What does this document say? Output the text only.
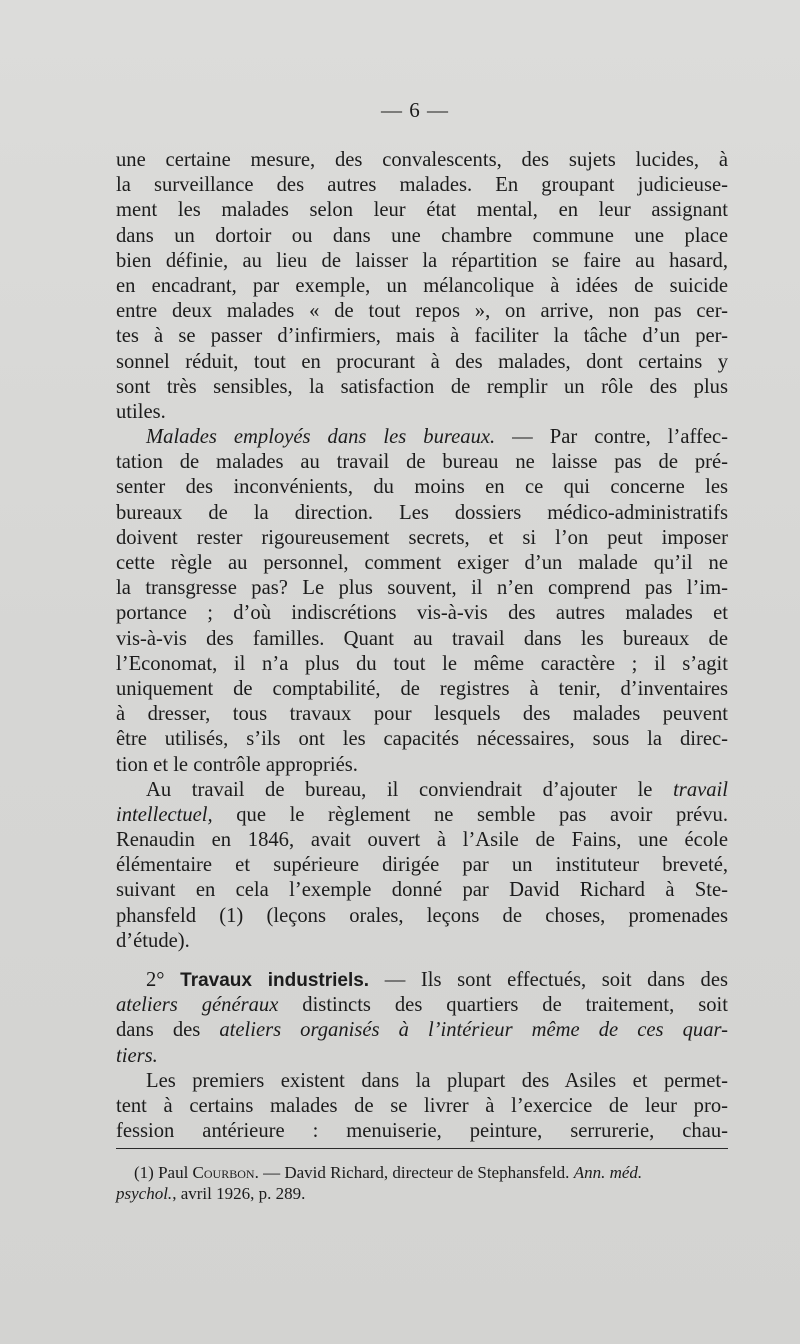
— 6 —
une certaine mesure, des convalescents, des sujets lucides, à
la surveillance des autres malades. En groupant judicieuse-
ment les malades selon leur état mental, en leur assignant
dans un dortoir ou dans une chambre commune une place
bien définie, au lieu de laisser la répartition se faire au hasard,
en encadrant, par exemple, un mélancolique à idées de suicide
entre deux malades « de tout repos », on arrive, non pas cer-
tes à se passer d’infirmiers, mais à faciliter la tâche d’un per-
sonnel réduit, tout en procurant à des malades, dont certains y
sont très sensibles, la satisfaction de remplir un rôle des plus
utiles.
Malades employés dans les bureaux. — Par contre, l’affec-
tation de malades au travail de bureau ne laisse pas de pré-
senter des inconvénients, du moins en ce qui concerne les
bureaux de la direction. Les dossiers médico-administratifs
doivent rester rigoureusement secrets, et si l’on peut imposer
cette règle au personnel, comment exiger d’un malade qu’il ne
la transgresse pas? Le plus souvent, il n’en comprend pas l’im-
portance ; d’où indiscrétions vis-à-vis des autres malades et
vis-à-vis des familles. Quant au travail dans les bureaux de
l’Economat, il n’a plus du tout le même caractère ; il s’agit
uniquement de comptabilité, de registres à tenir, d’inventaires
à dresser, tous travaux pour lesquels des malades peuvent
être utilisés, s’ils ont les capacités nécessaires, sous la direc-
tion et le contrôle appropriés.
Au travail de bureau, il conviendrait d’ajouter le travail
intellectuel, que le règlement ne semble pas avoir prévu.
Renaudin en 1846, avait ouvert à l’Asile de Fains, une école
élémentaire et supérieure dirigée par un instituteur breveté,
suivant en cela l’exemple donné par David Richard à Ste-
phansfeld (1) (leçons orales, leçons de choses, promenades
d’étude).
2° Travaux industriels. — Ils sont effectués, soit dans des
ateliers généraux distincts des quartiers de traitement, soit
dans des ateliers organisés à l’intérieur même de ces quar-
tiers.
Les premiers existent dans la plupart des Asiles et permet-
tent à certains malades de se livrer à l’exercice de leur pro-
fession antérieure : menuiserie, peinture, serrurerie, chau-
(1) Paul Courbon. — David Richard, directeur de Stephansfeld. Ann. méd.
psychol., avril 1926, p. 289.
